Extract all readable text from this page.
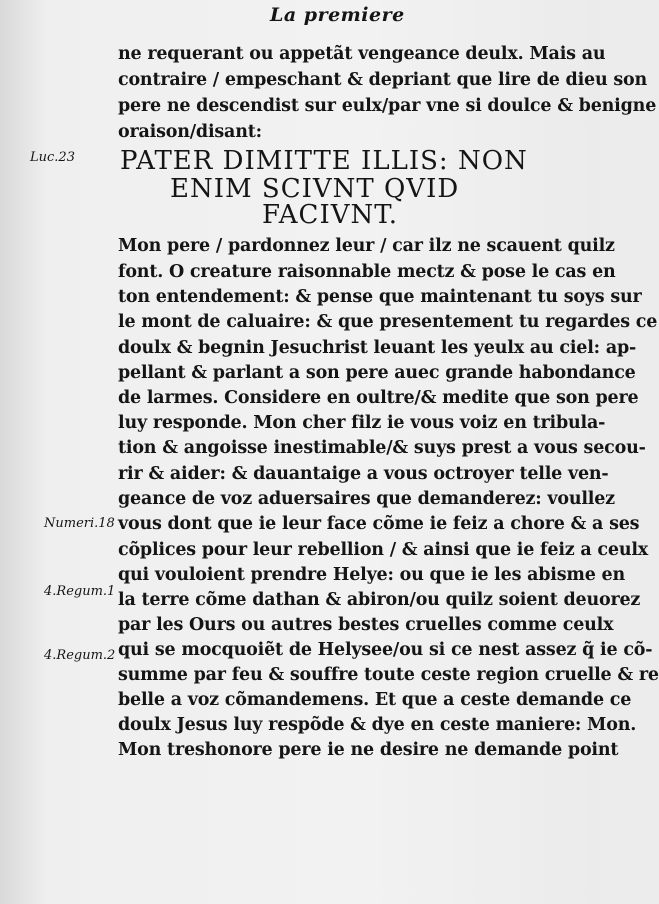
La premiere
Luc.23
Numeri.18
4.Regum.1
4.Regum.2
ne requerant ou appetãt vengeance deulx. Mais au
contraire / empeschant & depriant que lire de dieu son
pere ne descendist sur eulx/par vne si doulce & benigne
oraison/disant:
PATER DIMITTE ILLIS: NON
ENIM SCIVNT QVID
FACIVNT.
Mon pere / pardonnez leur / car ilz ne scauent quilz
font. O creature raisonnable mectz & pose le cas en
ton entendement: & pense que maintenant tu soys sur
le mont de caluaire: & que presentement tu regardes ce
doulx & begnin Jesuchrist leuant les yeulx au ciel: ap-
pellant & parlant a son pere auec grande habondance
de larmes. Considere en oultre/& medite que son pere
luy responde. Mon cher filz ie vous voiz en tribula-
tion & angoisse inestimable/& suys prest a vous secou-
rir & aider: & dauantaige a vous octroyer telle ven-
geance de voz aduersaires que demanderez: voullez
vous dont que ie leur face cõme ie feiz a chore & a ses
cõplices pour leur rebellion / & ainsi que ie feiz a ceulx
qui vouloient prendre Helye: ou que ie les abisme en
la terre cõme dathan & abiron/ou quilz soient deuorez
par les Ours ou autres bestes cruelles comme ceulx
qui se mocquoiẽt de Helysee/ou si ce nest assez q̃ ie cõ-
summe par feu & souffre toute ceste region cruelle & re
belle a voz cõmandemens. Et que a ceste demande ce
doulx Jesus luy respõde & dye en ceste maniere: Mon.
Mon treshonore pere ie ne desire ne demande point
